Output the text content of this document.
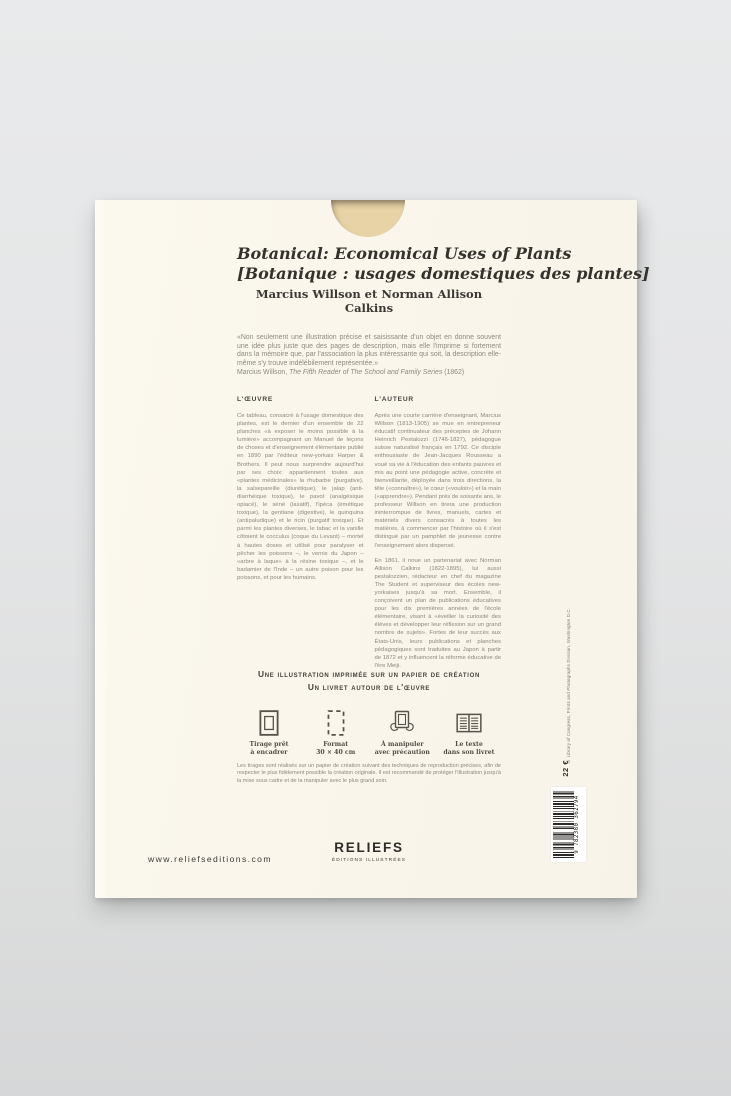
Botanical: Economical Uses of Plants
[Botanique : usages domestiques des plantes]
Marcius Willson et Norman Allison Calkins
«Non seulement une illustration précise et saisissante d'un objet en donne souvent une idée plus juste que des pages de description, mais elle l'imprime si fortement dans la mémoire que, par l'association la plus intéressante qui soit, la description elle-même s'y trouve indélébilement représentée.»
Marcius Willson, The Fifth Reader of The School and Family Series (1862)
L'ŒUVRE

Ce tableau, consacré à l'usage domestique des plantes, est le dernier d'un ensemble de 22 planches «à exposer le moins possible à la lumière» accompagnant un Manuel de leçons de choses et d'enseignement élémentaire publié en 1890 par l'éditeur new-yorkais Harper & Brothers. Il peut nous surprendre aujourd'hui par ses choix: appartiennent toutes aux «plantes médicinales» la rhubarbe (purgative), la salsepareille (diurétique), le jalap (anti-diarrhéique toxique), le pavot (analgésique opiacé), le séné (laxatif), l'ipéca (émétique toxique), la gentiane (digestive), le quinquina (antipaludique) et le ricin (purgatif toxique). Et parmi les plantes diverses, le tabac et la vanille côtoient le cocculus (coque du Levant) – mortel à hautes doses et utilisé pour paralyser et pêcher les poissons –, le vernis du Japon – «arbre à laque» à la résine toxique –, et le badamier de l'Inde – un autre poison pour les poissons, et pour les humains.

L'AUTEUR

Après une courte carrière d'enseignant, Marcius Willson (1813-1905) se mue en entrepreneur éducatif continuateur des préceptes de Johann Heinrich Pestalozzi (1746-1827), pédagogue suisse naturalisé français en 1792. Ce disciple enthousiaste de Jean-Jacques Rousseau a voué sa vie à l'éducation des enfants pauvres et mis au point une pédagogie active, concrète et bienveillante, déployée dans trois directions, la tête («connaître»), le cœur («vouloir») et la main («apprendre»). Pendant près de soixante ans, le professeur Willson en tirera une production ininterrompue de livres, manuels, cartes et matériels divers consacrés à toutes les matières, à commencer par l'histoire où il s'est distingué par un pamphlet de jeunesse contre l'enseignement alors dispensé.

En 1861, il noue un partenariat avec Norman Allison Calkins (1822-1895), lui aussi pestalozzien, rédacteur en chef du magazine The Student et superviseur des écoles new-yorkaises jusqu'à sa mort. Ensemble, il conçoivent un plan de publications éducatives pour les dix premières années de l'école élémentaire, visant à «éveiller la curiosité des élèves et développer leur réflexion sur un grand nombre de sujets». Fortes de leur succès aux États-Unis, leurs publications et planches pédagogiques sont traduites au Japon à partir de 1872 et y influencent la réforme éducative de l'ère Meiji.

Une illustration imprimée sur un papier de création
Un livret autour de l'œuvre
Tirage prêt
à encadrer
Format
30 × 40 cm
À manipuler
avec précaution
Le texte
dans son livret
Les tirages sont réalisés sur un papier de création suivant des techniques de reproduction précises, afin de respecter le plus fidèlement possible la création originale. Il est recommandé de protéger l'illustration jusqu'à la mise sous cadre et de la manipuler avec le plus grand soin.
www.reliefseditions.com
RELIEFS
ÉDITIONS ILLUSTRÉES
© Library of Congress, Prints and Photographs Division, Washington D.C.
22 €
9 782380 362794
